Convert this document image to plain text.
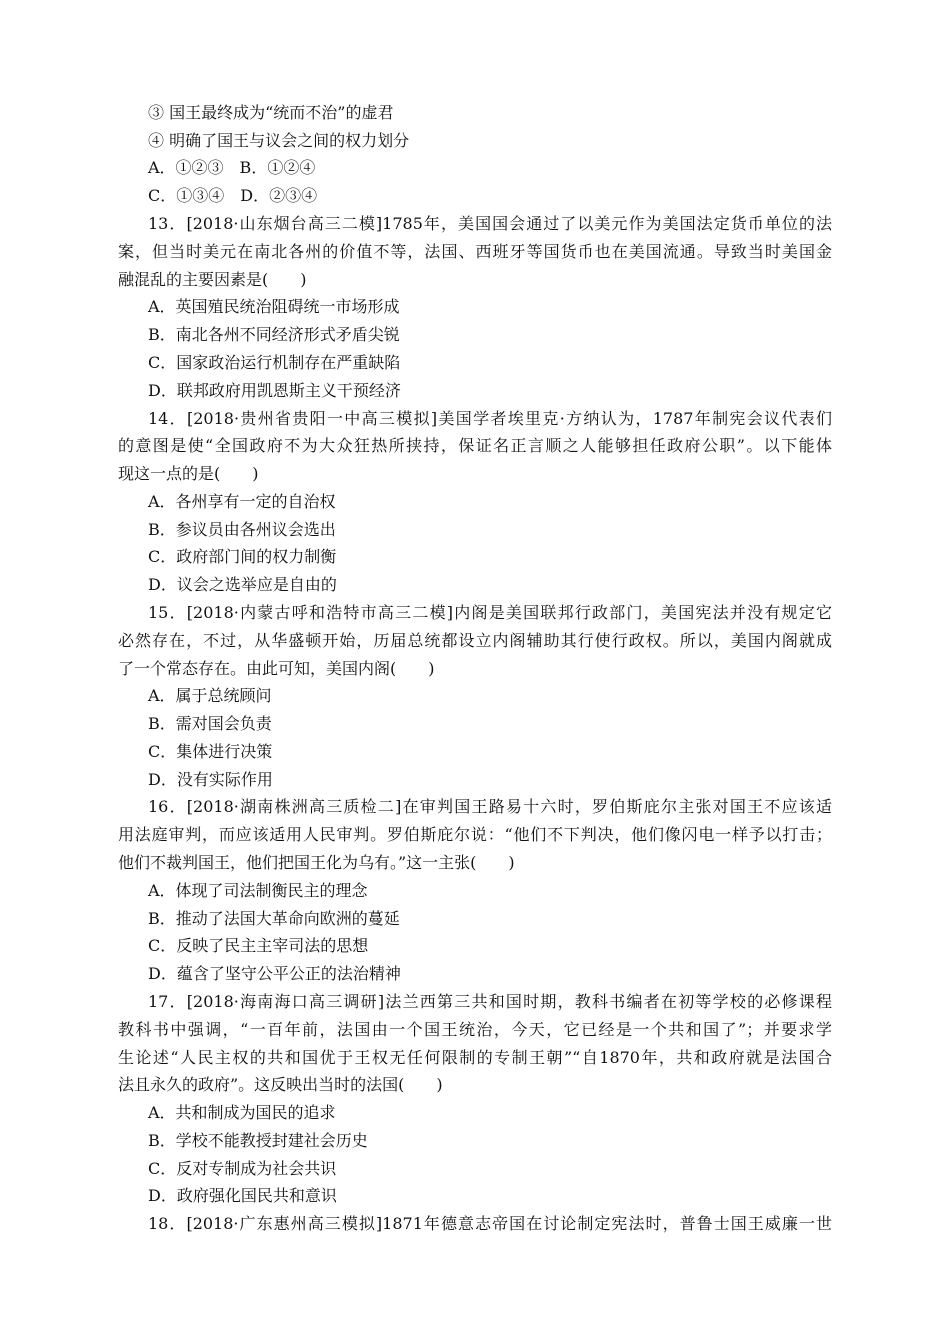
③ 国王最终成为“统而不治”的虚君
④ 明确了国王与议会之间的权力划分
A．①②③　B．①②④
C．①③④　D．②③④
13．[2018·山东烟台高三二模]1785年，美国国会通过了以美元作为美国法定货币单位的法
案，但当时美元在南北各州的价值不等，法国、西班牙等国货币也在美国流通。导致当时美国金
融混乱的主要因素是(　　)
A．英国殖民统治阻碍统一市场形成
B．南北各州不同经济形式矛盾尖锐
C．国家政治运行机制存在严重缺陷
D．联邦政府用凯恩斯主义干预经济
14．[2018·贵州省贵阳一中高三模拟]美国学者埃里克·方纳认为，1787年制宪会议代表们
的意图是使“全国政府不为大众狂热所挟持，保证名正言顺之人能够担任政府公职”。以下能体
现这一点的是(　　)
A．各州享有一定的自治权
B．参议员由各州议会选出
C．政府部门间的权力制衡
D．议会之选举应是自由的
15．[2018·内蒙古呼和浩特市高三二模]内阁是美国联邦行政部门，美国宪法并没有规定它
必然存在，不过，从华盛顿开始，历届总统都设立内阁辅助其行使行政权。所以，美国内阁就成
了一个常态存在。由此可知，美国内阁(　　)
A．属于总统顾问
B．需对国会负责
C．集体进行决策
D．没有实际作用
16．[2018·湖南株洲高三质检二]在审判国王路易十六时，罗伯斯庇尔主张对国王不应该适
用法庭审判，而应该适用人民审判。罗伯斯庇尔说：“他们不下判决，他们像闪电一样予以打击；
他们不裁判国王，他们把国王化为乌有。”这一主张(　　)
A．体现了司法制衡民主的理念
B．推动了法国大革命向欧洲的蔓延
C．反映了民主主宰司法的思想
D．蕴含了坚守公平公正的法治精神
17．[2018·海南海口高三调研]法兰西第三共和国时期，教科书编者在初等学校的必修课程
教科书中强调，“一百年前，法国由一个国王统治，今天，它已经是一个共和国了”；并要求学
生论述“人民主权的共和国优于王权无任何限制的专制王朝”“自1870年，共和政府就是法国合
法且永久的政府”。这反映出当时的法国(　　)
A．共和制成为国民的追求
B．学校不能教授封建社会历史
C．反对专制成为社会共识
D．政府强化国民共和意识
18．[2018·广东惠州高三模拟]1871年德意志帝国在讨论制定宪法时，普鲁士国王威廉一世
